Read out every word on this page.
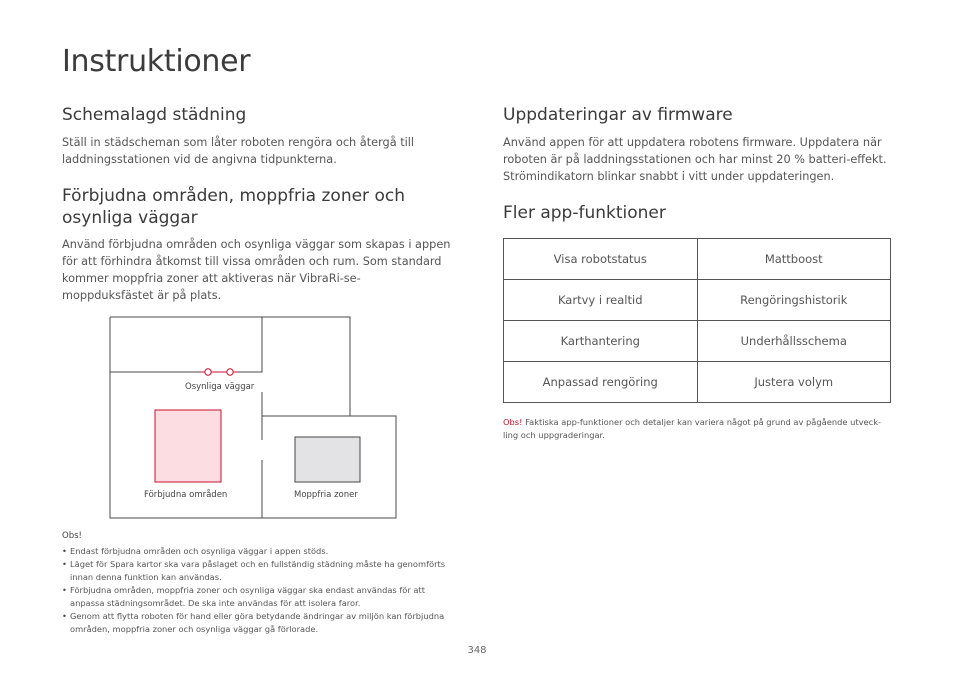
Instruktioner
Schemalagd städning

Ställ in städscheman som låter roboten rengöra och återgå till laddningsstationen vid de angivna tidpunkterna.

Förbjudna områden, moppfria zoner och osynliga väggar

Använd förbjudna områden och osynliga väggar som skapas i appen för att förhindra åtkomst till vissa områden och rum. Som standard kommer moppfria zoner att aktiveras när VibraRi-se-moppduksfästet är på plats.

Osynliga väggar
Förbjudna områden	Moppfria zoner
Obs!
• Endast förbjudna områden och osynliga väggar i appen stöds.
• Läget för Spara kartor ska vara påslaget och en fullständig städning måste ha genomförts innan denna funktion kan användas.
• Förbjudna områden, moppfria zoner och osynliga väggar ska endast användas för att anpassa städningsområdet. De ska inte användas för att isolera faror.
• Genom att flytta roboten för hand eller göra betydande ändringar av miljön kan förbjudna områden, moppfria zoner och osynliga väggar gå förlorade.
Uppdateringar av firmware

Använd appen för att uppdatera robotens firmware. Uppdatera när roboten är på laddningsstationen och har minst 20 % batteri-effekt. Strömindikatorn blinkar snabbt i vitt under uppdateringen.

Fler app-funktioner
Visa robotstatus	Mattboost
Kartvy i realtid	Rengöringshistorik
Karthantering	Underhållsschema
Anpassad rengöring	Justera volym
Obs! Faktiska app-funktioner och detaljer kan variera något på grund av pågående utveck-ling och uppgraderingar.
348
